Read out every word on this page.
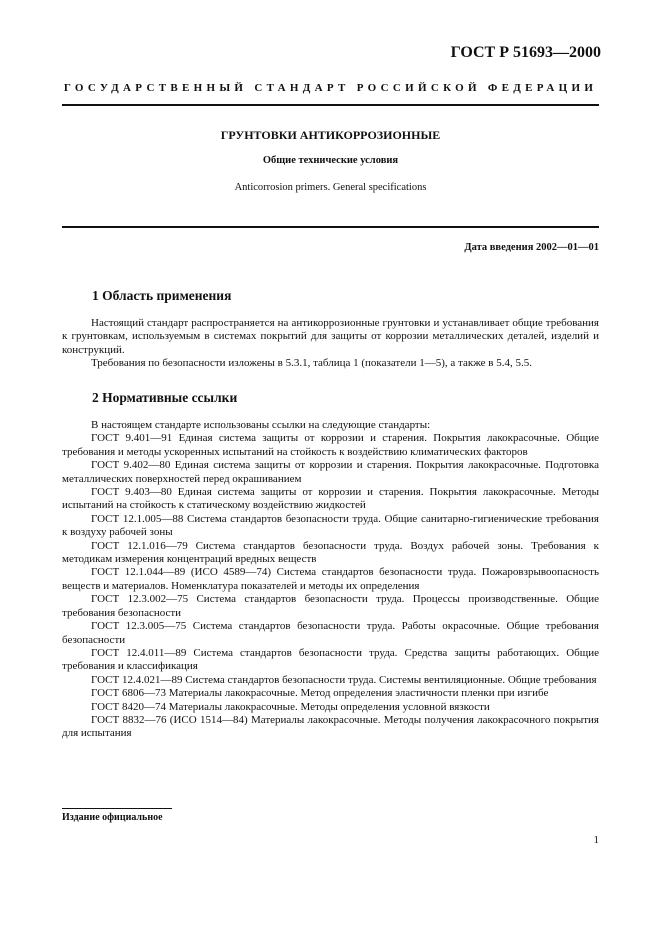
ГОСТ Р 51693—2000
ГОСУДАРСТВЕННЫЙ СТАНДАРТ РОССИЙСКОЙ ФЕДЕРАЦИИ
ГРУНТОВКИ АНТИКОРРОЗИОННЫЕ
Общие технические условия
Anticorrosion primers. General specifications
Дата введения 2002—01—01
1 Область применения

Настоящий стандарт распространяется на антикоррозионные грунтовки и устанавливает общие требования к грунтовкам, используемым в системах покрытий для защиты от коррозии металлических деталей, изделий и конструкций.

Требования по безопасности изложены в 5.3.1, таблица 1 (показатели 1—5), а также в 5.4, 5.5.

2 Нормативные ссылки

В настоящем стандарте использованы ссылки на следующие стандарты:

ГОСТ 9.401—91 Единая система защиты от коррозии и старения. Покрытия лакокрасочные. Общие требования и методы ускоренных испытаний на стойкость к воздействию климатических факторов

ГОСТ 9.402—80 Единая система защиты от коррозии и старения. Покрытия лакокрасочные. Подготовка металлических поверхностей перед окрашиванием

ГОСТ 9.403—80 Единая система защиты от коррозии и старения. Покрытия лакокрасочные. Методы испытаний на стойкость к статическому воздействию жидкостей

ГОСТ 12.1.005—88 Система стандартов безопасности труда. Общие санитарно-гигиенические требования к воздуху рабочей зоны

ГОСТ 12.1.016—79 Система стандартов безопасности труда. Воздух рабочей зоны. Требования к методикам измерения концентраций вредных веществ

ГОСТ 12.1.044—89 (ИСО 4589—74) Система стандартов безопасности труда. Пожаровзрывоопасность веществ и материалов. Номенклатура показателей и методы их определения

ГОСТ 12.3.002—75 Система стандартов безопасности труда. Процессы производственные. Общие требования безопасности

ГОСТ 12.3.005—75 Система стандартов безопасности труда. Работы окрасочные. Общие требования безопасности

ГОСТ 12.4.011—89 Система стандартов безопасности труда. Средства защиты работающих. Общие требования и классификация

ГОСТ 12.4.021—89 Система стандартов безопасности труда. Системы вентиляционные. Общие требования

ГОСТ 6806—73 Материалы лакокрасочные. Метод определения эластичности пленки при изгибе

ГОСТ 8420—74 Материалы лакокрасочные. Методы определения условной вязкости

ГОСТ 8832—76 (ИСО 1514—84) Материалы лакокрасочные. Методы получения лакокрасочного покрытия для испытания

Издание официальное
1
